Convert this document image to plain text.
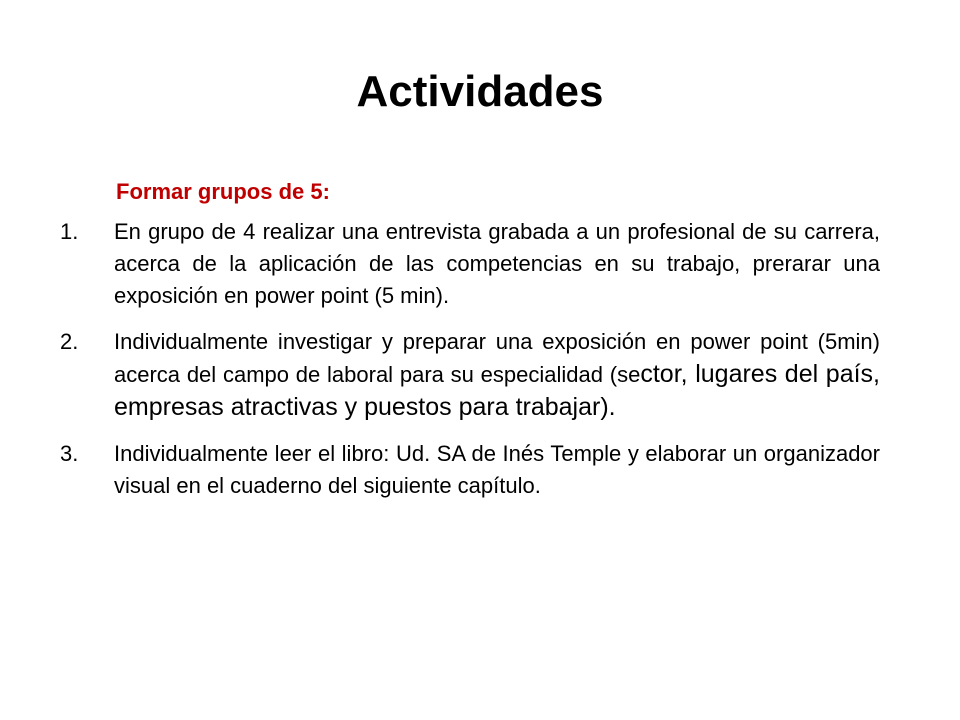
Actividades
Formar grupos de 5:
1. En grupo de 4 realizar una entrevista grabada a un profesional de su carrera, acerca de la aplicación de las competencias en su trabajo, prerarar una exposición en power point (5 min).
2. Individualmente investigar y preparar una exposición en power point (5min) acerca del campo de laboral para su especialidad (sector, lugares del país, empresas atractivas y puestos para trabajar).
3. Individualmente leer el libro: Ud. SA de Inés Temple y elaborar un organizador visual en el cuaderno del siguiente capítulo.
